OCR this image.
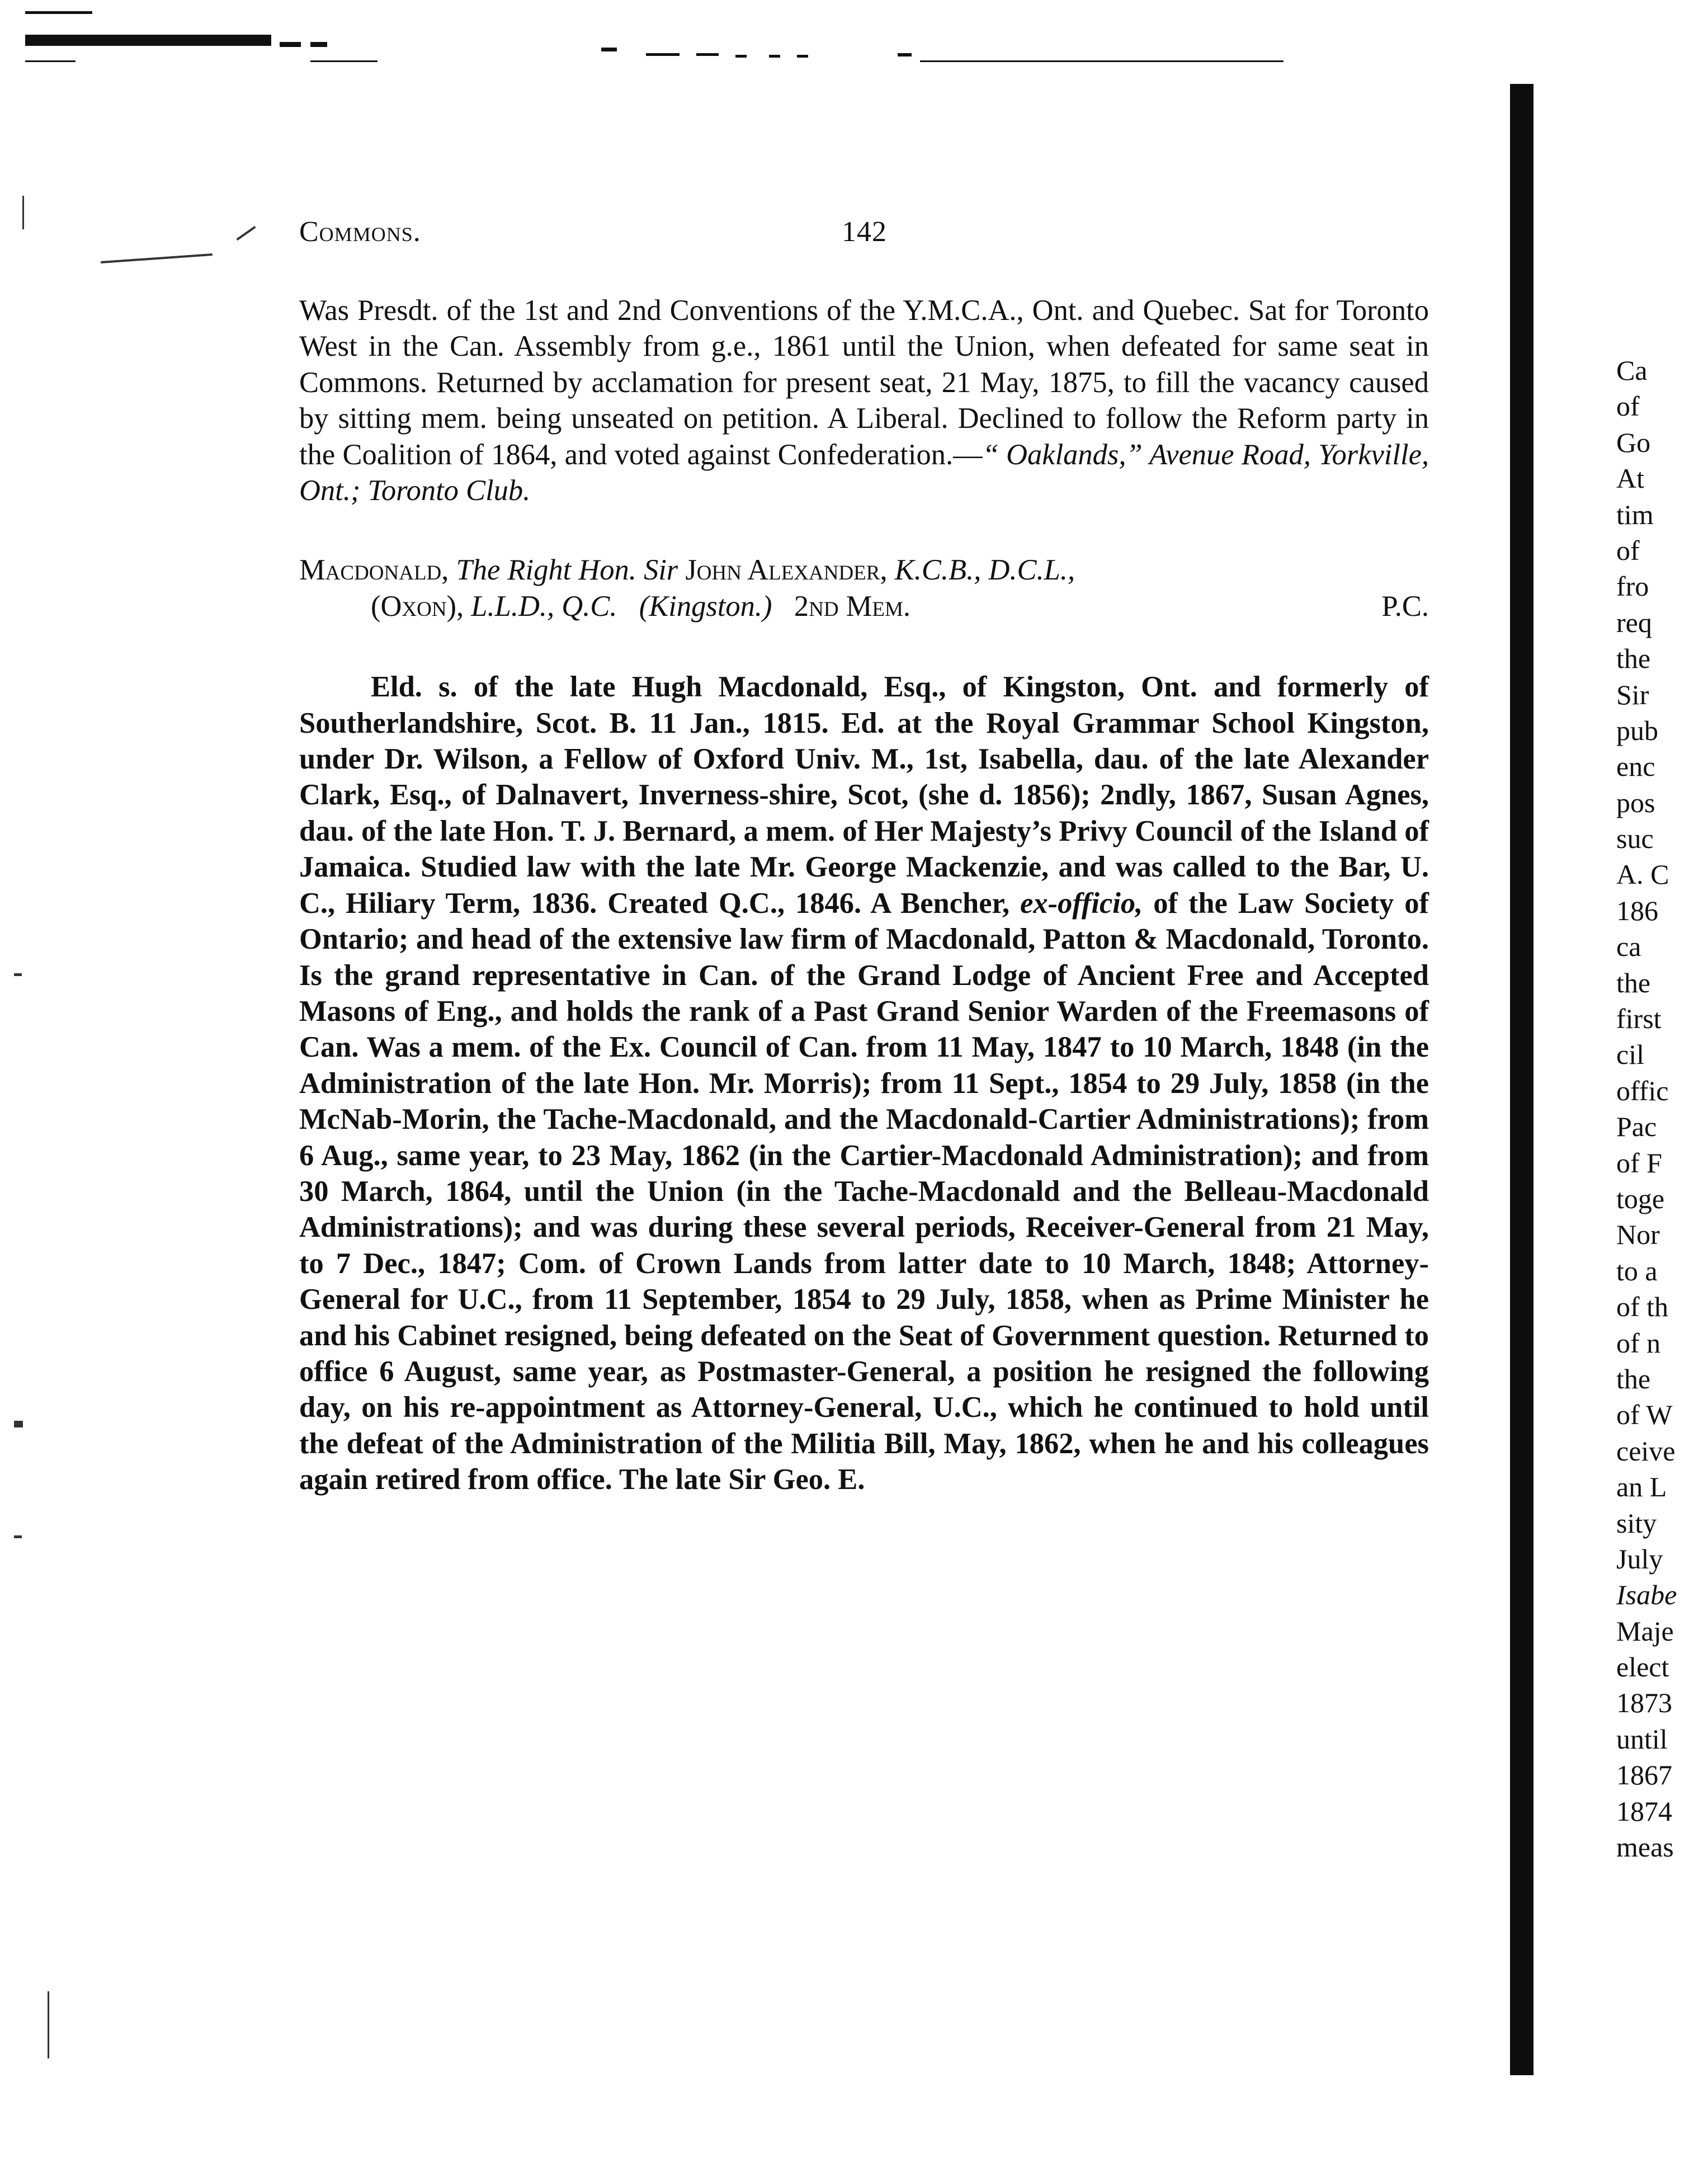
Commons.	142

Was Presdt. of the 1st and 2nd Conventions of the Y.M.C.A., Ont. and Quebec. Sat for Toronto West in the Can. Assembly from g.e., 1861 until the Union, when defeated for same seat in Commons. Returned by acclamation for present seat, 21 May, 1875, to fill the vacancy caused by sitting mem. being unseated on petition. A Liberal. Declined to follow the Reform party in the Coalition of 1864, and voted against Confederation.—“ Oaklands,” Avenue Road, Yorkville, Ont.; Toronto Club.

Macdonald, The Right Hon. Sir John Alexander, K.C.B., D.C.L.,
(Oxon), L.L.D., Q.C. (Kingston.) 2nd Mem.	P.C.

Eld. s. of the late Hugh Macdonald, Esq., of Kingston, Ont. and formerly of Southerlandshire, Scot. B. 11 Jan., 1815. Ed. at the Royal Grammar School Kingston, under Dr. Wilson, a Fellow of Oxford Univ. M., 1st, Isabella, dau. of the late Alexander Clark, Esq., of Dalnavert, Inverness-shire, Scot, (she d. 1856); 2ndly, 1867, Susan Agnes, dau. of the late Hon. T. J. Bernard, a mem. of Her Majesty’s Privy Council of the Island of Jamaica. Studied law with the late Mr. George Mackenzie, and was called to the Bar, U. C., Hiliary Term, 1836. Created Q.C., 1846. A Bencher, ex-officio, of the Law Society of Ontario; and head of the extensive law firm of Macdonald, Patton & Macdonald, Toronto. Is the grand representative in Can. of the Grand Lodge of Ancient Free and Accepted Masons of Eng., and holds the rank of a Past Grand Senior Warden of the Freemasons of Can. Was a mem. of the Ex. Council of Can. from 11 May, 1847 to 10 March, 1848 (in the Administration of the late Hon. Mr. Morris); from 11 Sept., 1854 to 29 July, 1858 (in the McNab-Morin, the Tache-Macdonald, and the Macdonald-Cartier Administrations); from 6 Aug., same year, to 23 May, 1862 (in the Cartier-Macdonald Administration); and from 30 March, 1864, until the Union (in the Tache-Macdonald and the Belleau-Macdonald Administrations); and was during these several periods, Receiver-General from 21 May, to 7 Dec., 1847; Com. of Crown Lands from latter date to 10 March, 1848; Attorney-General for U.C., from 11 September, 1854 to 29 July, 1858, when as Prime Minister he and his Cabinet resigned, being defeated on the Seat of Government question. Returned to office 6 August, same year, as Postmaster-General, a position he resigned the following day, on his re-appointment as Attorney-General, U.C., which he continued to hold until the defeat of the Administration of the Militia Bill, May, 1862, when he and his colleagues again retired from office. The late Sir Geo. E.

Ca
of
Go
At
tim
of
fro
req
the
Sir
pub
enc
pos
suc
A. C
186
ca
the
first
cil
offic
Pac
of F
toge
Nor
to a
of th
of n
the
of W
ceive
an L
sity
July
Isabe
Maje
elect
1873
until
1867
1874
meas
